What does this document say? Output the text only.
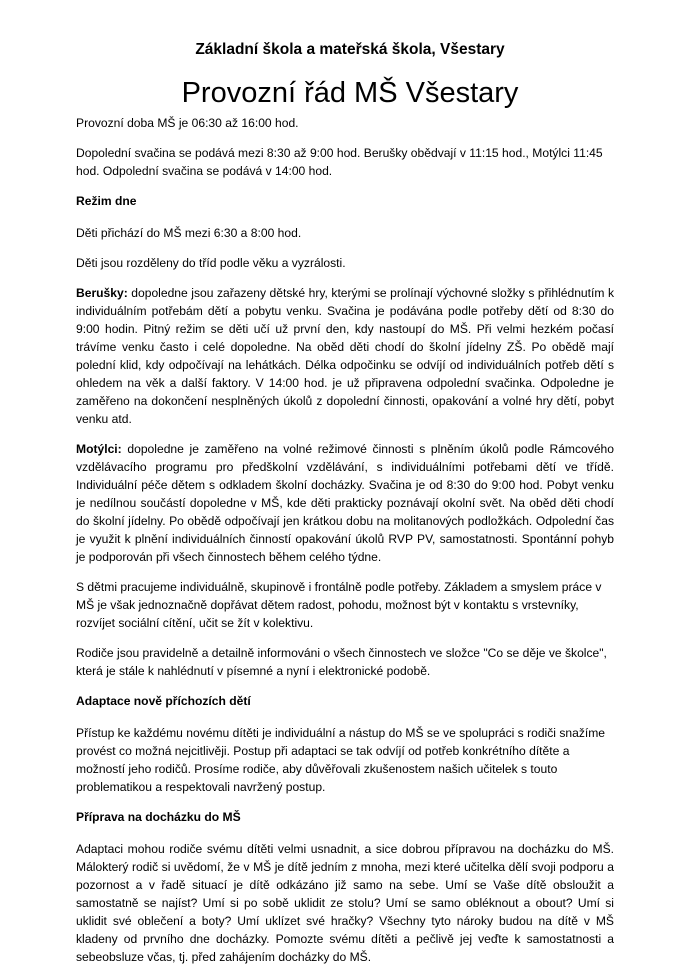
Základní škola a mateřská škola, Všestary
Provozní řád MŠ Všestary

Provozní doba MŠ je 06:30 až 16:00 hod.

Dopolední svačina se podává mezi 8:30 až 9:00 hod. Berušky obědvají v 11:15 hod., Motýlci 11:45 hod. Odpolední svačina se podává v 14:00 hod.

Režim dne

Děti přichází do MŠ mezi 6:30 a 8:00 hod.

Děti jsou rozděleny do tříd podle věku a vyzrálosti.

Berušky: dopoledne jsou zařazeny dětské hry, kterými se prolínají výchovné složky s přihlédnutím k individuálním potřebám dětí a pobytu venku. Svačina je podávána podle potřeby dětí od 8:30 do 9:00 hodin. Pitný režim se děti učí už první den, kdy nastoupí do MŠ. Při velmi hezkém počasí trávíme venku často i celé dopoledne. Na oběd děti chodí do školní jídelny ZŠ. Po obědě mají polední klid, kdy odpočívají na lehátkách. Délka odpočinku se odvíjí od individuálních potřeb dětí s ohledem na věk a další faktory. V 14:00 hod. je už připravena odpolední svačinka. Odpoledne je zaměřeno na dokončení nesplněných úkolů z dopolední činnosti, opakování a volné hry dětí, pobyt venku atd.

Motýlci: dopoledne je zaměřeno na volné režimové činnosti s plněním úkolů podle Rámcového vzdělávacího programu pro předškolní vzdělávání, s individuálními potřebami dětí ve třídě. Individuální péče dětem s odkladem školní docházky. Svačina je od 8:30 do 9:00 hod. Pobyt venku je nedílnou součástí dopoledne v MŠ, kde děti prakticky poznávají okolní svět. Na oběd děti chodí do školní jídelny. Po obědě odpočívají jen krátkou dobu na molitanových podložkách. Odpolední čas je využit k plnění individuálních činností opakování úkolů RVP PV, samostatnosti. Spontánní pohyb je podporován při všech činnostech během celého týdne.

S dětmi pracujeme individuálně, skupinově i frontálně podle potřeby. Základem a smyslem práce v MŠ je však jednoznačně dopřávat dětem radost, pohodu, možnost být v kontaktu s vrstevníky, rozvíjet sociální cítění, učit se žít v kolektivu.

Rodiče jsou pravidelně a detailně informováni o všech činnostech ve složce "Co se děje ve školce", která je stále k nahlédnutí v písemné a nyní i elektronické podobě.

Adaptace nově příchozích dětí

Přístup ke každému novému dítěti je individuální a nástup do MŠ se ve spolupráci s rodiči snažíme provést co možná nejcitlivěji. Postup při adaptaci se tak odvíjí od potřeb konkrétního dítěte a možností jeho rodičů. Prosíme rodiče, aby důvěřovali zkušenostem našich učitelek s touto problematikou a respektovali navržený postup.

Příprava na docházku do MŠ

Adaptaci mohou rodiče svému dítěti velmi usnadnit, a sice dobrou přípravou na docházku do MŠ. Málokterý rodič si uvědomí, že v MŠ je dítě jedním z mnoha, mezi které učitelka dělí svoji podporu a pozornost a v řadě situací je dítě odkázáno již samo na sebe. Umí se Vaše dítě obsloužit a samostatně se najíst? Umí si po sobě uklidit ze stolu? Umí se samo obléknout a obout? Umí si uklidit své oblečení a boty? Umí uklízet své hračky? Všechny tyto nároky budou na dítě v MŠ kladeny od prvního dne docházky. Pomozte svému dítěti a pečlivě jej veďte k samostatnosti a sebeobsluze včas, tj. před zahájením docházky do MŠ.
